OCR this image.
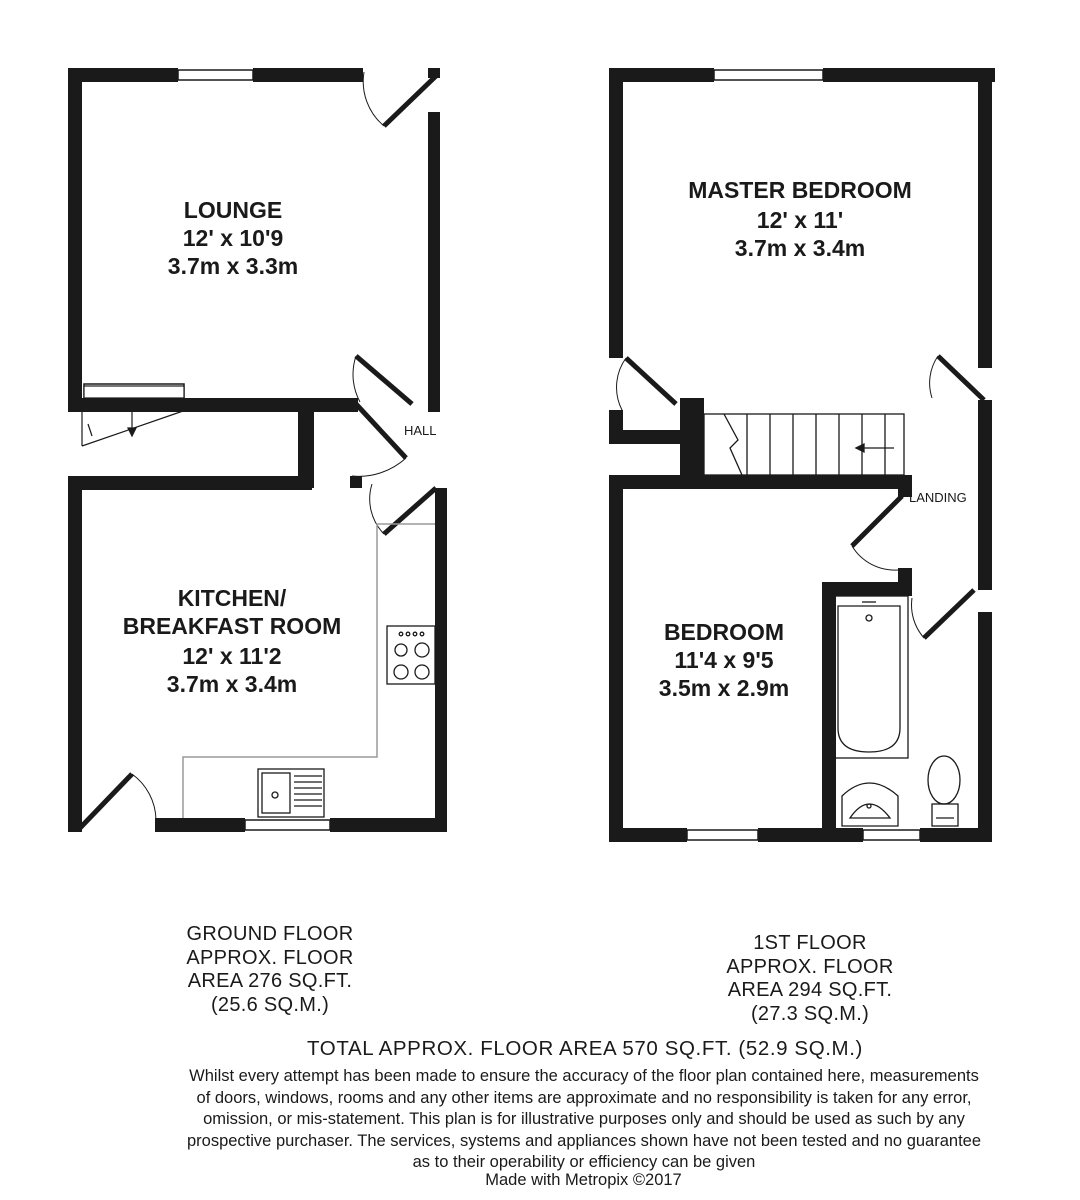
LOUNGE
12' x 10'9
3.7m x 3.3m
KITCHEN/
BREAKFAST ROOM
12' x 11'2
3.7m x 3.4m
HALL
MASTER BEDROOM
12' x 11'
3.7m x 3.4m
BEDROOM
11'4 x 9'5
3.5m x 2.9m
LANDING
GROUND FLOOR
APPROX. FLOOR
AREA 276 SQ.FT.
(25.6 SQ.M.)
1ST FLOOR
APPROX. FLOOR
AREA 294 SQ.FT.
(27.3 SQ.M.)
TOTAL APPROX. FLOOR AREA 570 SQ.FT. (52.9 SQ.M.)
Whilst every attempt has been made to ensure the accuracy of the floor plan contained here, measurements
of doors, windows, rooms and any other items are approximate and no responsibility is taken for any error,
omission, or mis-statement. This plan is for illustrative purposes only and should be used as such by any
prospective purchaser. The services, systems and appliances shown have not been tested and no guarantee
as to their operability or efficiency can be given
Made with Metropix ©2017
